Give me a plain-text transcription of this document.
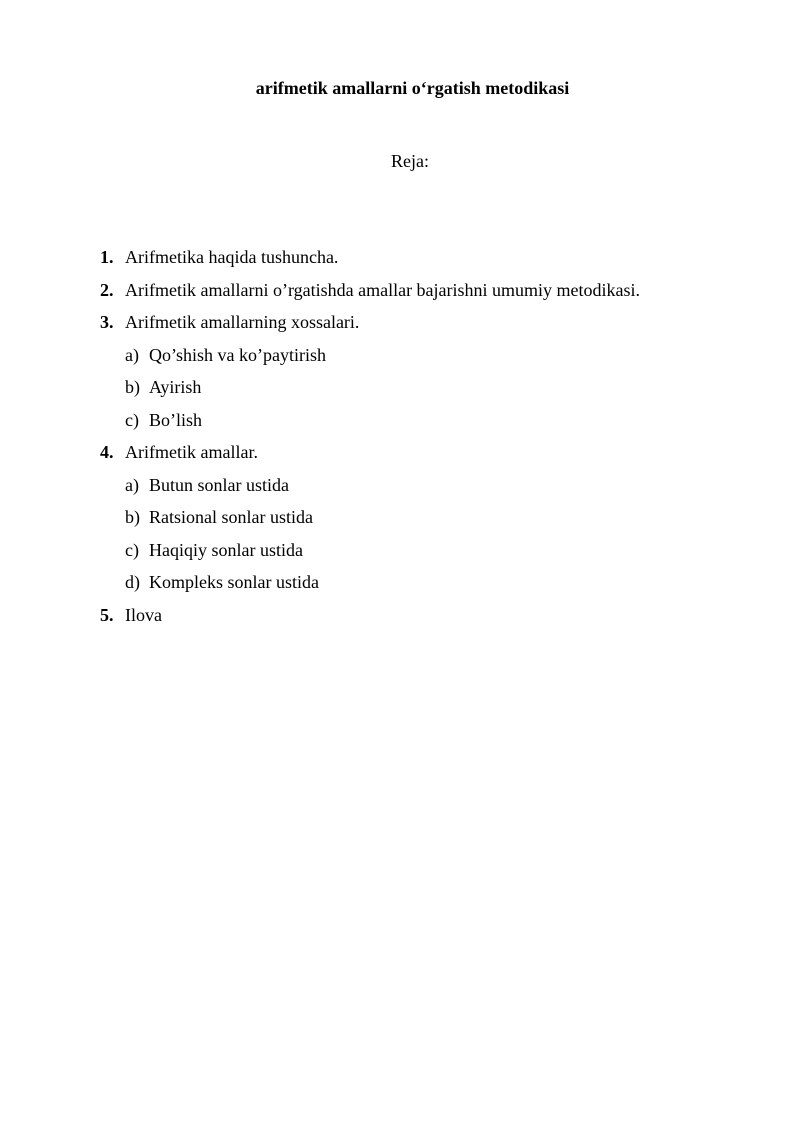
arifmetik amallarni o‘rgatish metodikasi

Reja:

1. Arifmetika haqida tushuncha.
2. Arifmetik amallarni o’rgatishda amallar bajarishni umumiy metodikasi.
3. Arifmetik amallarning xossalari.
a) Qo’shish va ko’paytirish
b) Ayirish
c) Bo’lish
4. Arifmetik amallar.
a) Butun sonlar ustida
b) Ratsional sonlar ustida
c) Haqiqiy sonlar ustida
d) Kompleks sonlar ustida
5. Ilova
